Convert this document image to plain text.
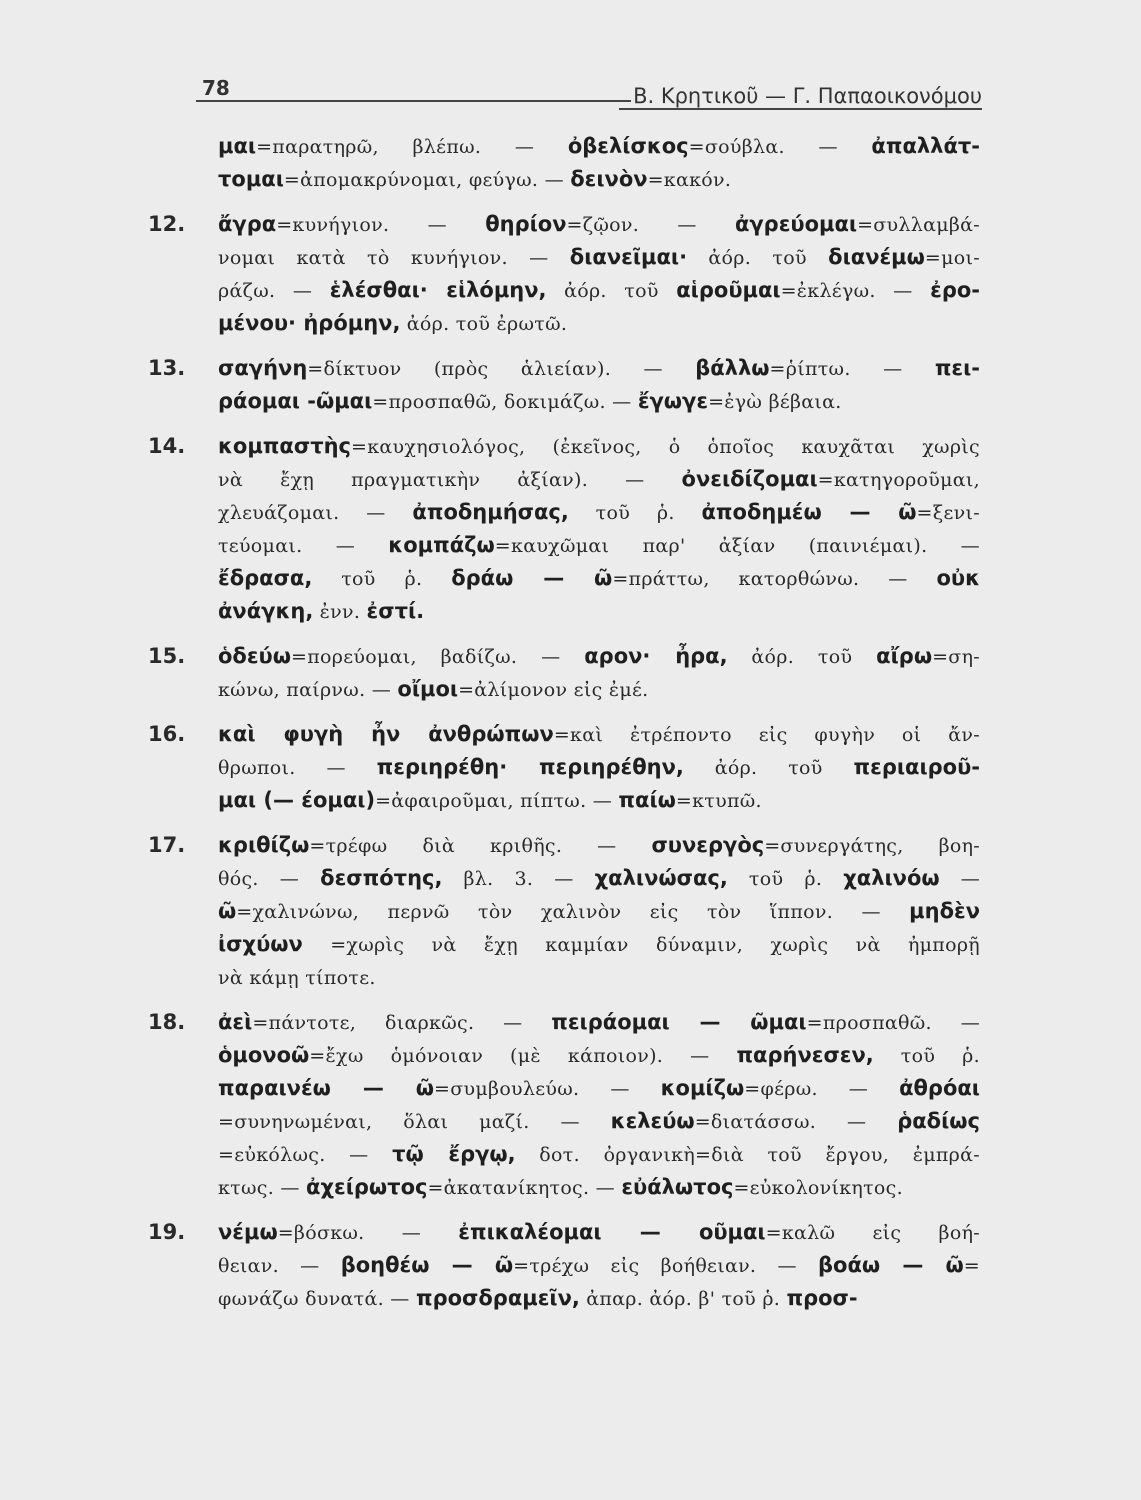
78	Β. Κρητικοῦ — Γ. Παπαοικονόμου
μαι=παρατηρῶ, βλέπω. — ὀβελίσκος=σούβλα. — ἀπαλλάτ-
τομαι=ἀπομακρύνομαι, φεύγω. — δεινὸν=κακόν.
12. ἄγρα=κυνήγιον. — θηρίον=ζῷον. — ἀγρεύομαι=συλλαμβά-
νομαι κατὰ τὸ κυνήγιον. — διανεῖμαι· ἀόρ. τοῦ διανέμω=μοι-
ράζω. — ἑλέσθαι· εἱλόμην, ἀόρ. τοῦ αἱροῦμαι=ἐκλέγω. — ἐρο-
μένου· ἠρόμην, ἀόρ. τοῦ ἐρωτῶ.
13. σαγήνη=δίκτυον (πρὸς ἁλιείαν). — βάλλω=ῥίπτω. — πει-
ράομαι -ῶμαι=προσπαθῶ, δοκιμάζω. — ἔγωγε=ἐγὼ βέβαια.
14. κομπαστὴς=καυχησιολόγος, (ἐκεῖνος, ὁ ὁποῖος καυχᾶται χωρὶς
νὰ ἔχῃ πραγματικὴν ἀξίαν). — ὀνειδίζομαι=κατηγοροῦμαι,
χλευάζομαι. — ἀποδημήσας, τοῦ ῥ. ἀποδημέω — ῶ=ξενι-
τεύομαι. — κομπάζω=καυχῶμαι παρ' ἀξίαν (παινιέμαι). —
ἔδρασα, τοῦ ῥ. δράω — ῶ=πράττω, κατορθώνω. — οὐκ
ἀνάγκη, ἐνν. ἐστί.
15. ὁδεύω=πορεύομαι, βαδίζω. — αρον· ἦρα, ἀόρ. τοῦ αἴρω=ση-
κώνω, παίρνω. — οἴμοι=ἀλίμονον εἰς ἐμέ.
16. καὶ φυγὴ ἦν ἀνθρώπων=καὶ ἐτρέποντο εἰς φυγὴν οἱ ἄν-
θρωποι. — περιηρέθη· περιηρέθην, ἀόρ. τοῦ περιαιροῦ-
μαι (— έομαι)=ἀφαιροῦμαι, πίπτω. — παίω=κτυπῶ.
17. κριθίζω=τρέφω διὰ κριθῆς. — συνεργὸς=συνεργάτης, βοη-
θός. — δεσπότης, βλ. 3. — χαλινώσας, τοῦ ῥ. χαλινόω —
ῶ=χαλινώνω, περνῶ τὸν χαλινὸν εἰς τὸν ἵππον. — μηδὲν
ἰσχύων =χωρὶς νὰ ἔχῃ καμμίαν δύναμιν, χωρὶς νὰ ἠμπορῇ
νὰ κάμῃ τίποτε.
18. ἀεὶ=πάντοτε, διαρκῶς. — πειράομαι — ῶμαι=προσπαθῶ. —
ὁμονοῶ=ἔχω ὁμόνοιαν (μὲ κάποιον). — παρήνεσεν, τοῦ ῥ.
παραινέω — ῶ=συμβουλεύω. — κομίζω=φέρω. — ἀθρόαι
=συνηνωμέναι, ὅλαι μαζί. — κελεύω=διατάσσω. — ῥαδίως
=εὐκόλως. — τῷ ἔργῳ, δοτ. ὀργανικὴ=διὰ τοῦ ἔργου, ἐμπρά-
κτως. — ἀχείρωτος=ἀκατανίκητος. — εὐάλωτος=εὐκολονίκητος.
19. νέμω=βόσκω. — ἐπικαλέομαι — οῦμαι=καλῶ εἰς βοή-
θειαν. — βοηθέω — ῶ=τρέχω εἰς βοήθειαν. — βοάω — ῶ=
φωνάζω δυνατά. — προσδραμεῖν, ἀπαρ. ἀόρ. β' τοῦ ῥ. προσ-
